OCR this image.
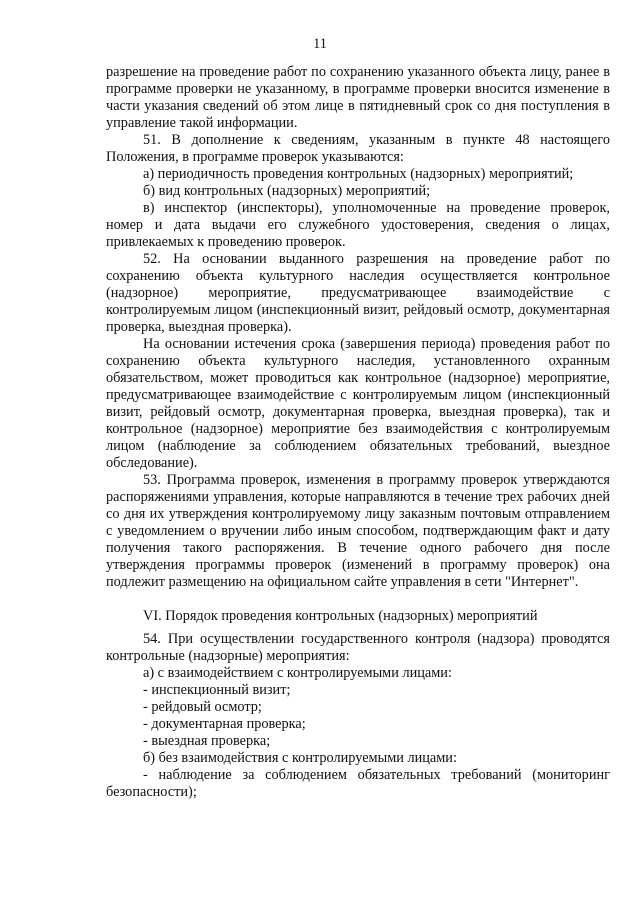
11

разрешение на проведение работ по сохранению указанного объекта лицу, ранее в программе проверки не указанному, в программе проверки вносится изменение в части указания сведений об этом лице в пятидневный срок со дня поступления в управление такой информации.

51. В дополнение к сведениям, указанным в пункте 48 настоящего Положения, в программе проверок указываются:

а) периодичность проведения контрольных (надзорных) мероприятий;

б) вид контрольных (надзорных) мероприятий;

в) инспектор (инспекторы), уполномоченные на проведение проверок, номер и дата выдачи его служебного удостоверения, сведения о лицах, привлекаемых к проведению проверок.

52. На основании выданного разрешения на проведение работ по сохранению объекта культурного наследия осуществляется контрольное (надзорное) мероприятие, предусматривающее взаимодействие с контролируемым лицом (инспекционный визит, рейдовый осмотр, документарная проверка, выездная проверка).

На основании истечения срока (завершения периода) проведения работ по сохранению объекта культурного наследия, установленного охранным обязательством, может проводиться как контрольное (надзорное) мероприятие, предусматривающее взаимодействие с контролируемым лицом (инспекционный визит, рейдовый осмотр, документарная проверка, выездная проверка), так и контрольное (надзорное) мероприятие без взаимодействия с контролируемым лицом (наблюдение за соблюдением обязательных требований, выездное обследование).

53. Программа проверок, изменения в программу проверок утверждаются распоряжениями управления, которые направляются в течение трех рабочих дней со дня их утверждения контролируемому лицу заказным почтовым отправлением с уведомлением о вручении либо иным способом, подтверждающим факт и дату получения такого распоряжения. В течение одного рабочего дня после утверждения программы проверок (изменений в программу проверок) она подлежит размещению на официальном сайте управления в сети "Интернет".

VI. Порядок проведения контрольных (надзорных) мероприятий

54. При осуществлении государственного контроля (надзора) проводятся контрольные (надзорные) мероприятия:

а) с взаимодействием с контролируемыми лицами:

- инспекционный визит;

- рейдовый осмотр;

- документарная проверка;

- выездная проверка;

б) без взаимодействия с контролируемыми лицами:

- наблюдение за соблюдением обязательных требований (мониторинг безопасности);
